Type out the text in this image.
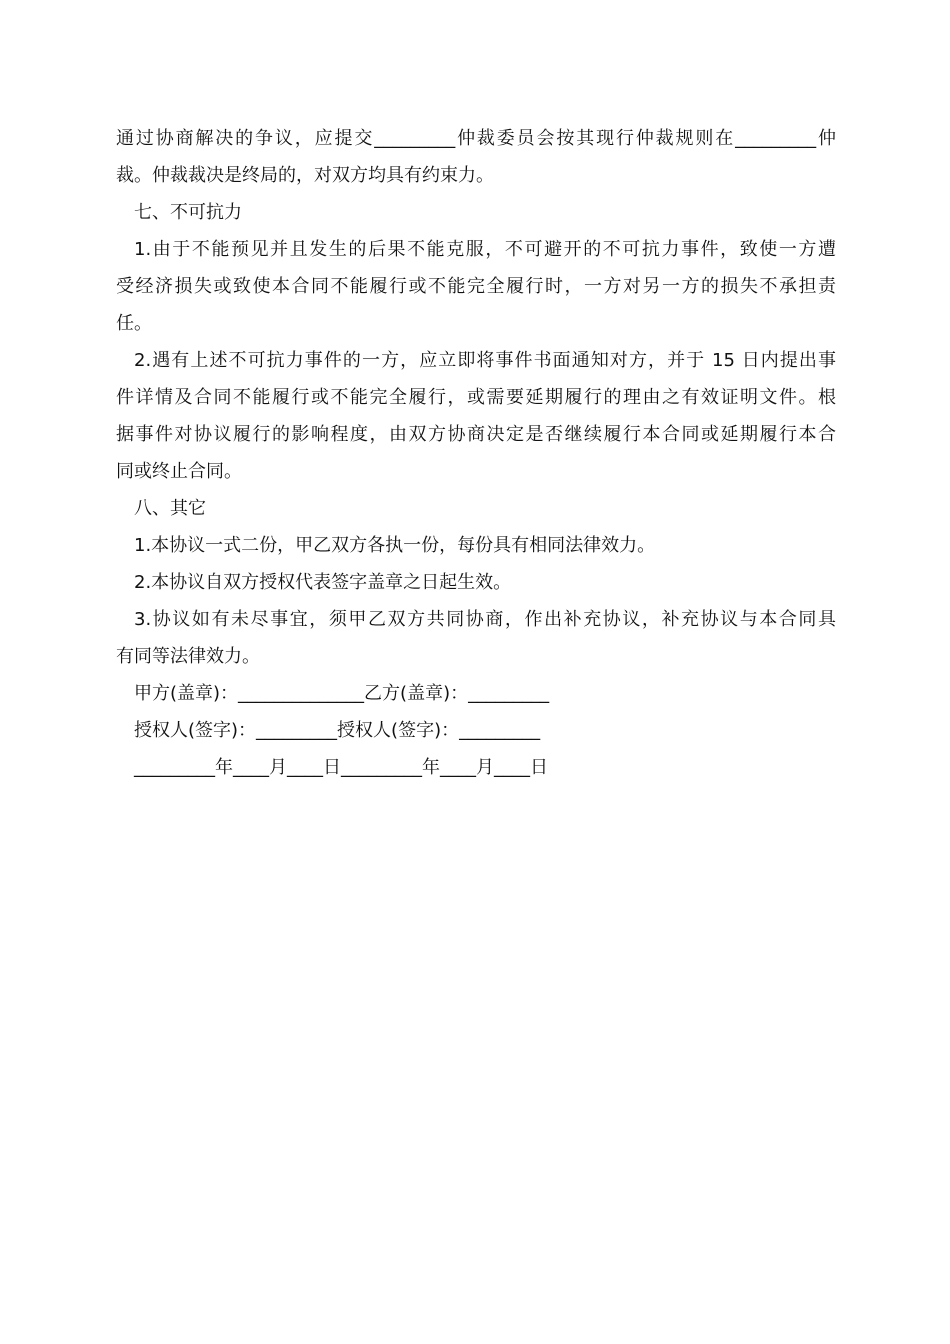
通过协商解决的争议，应提交_________仲裁委员会按其现行仲裁规则在_________仲
裁。仲裁裁决是终局的，对双方均具有约束力。
七、不可抗力
1.由于不能预见并且发生的后果不能克服，不可避开的不可抗力事件，致使一方遭
受经济损失或致使本合同不能履行或不能完全履行时，一方对另一方的损失不承担责
任。
2.遇有上述不可抗力事件的一方，应立即将事件书面通知对方，并于 15 日内提出事
件详情及合同不能履行或不能完全履行，或需要延期履行的理由之有效证明文件。根
据事件对协议履行的影响程度，由双方协商决定是否继续履行本合同或延期履行本合
同或终止合同。
八、其它
1.本协议一式二份，甲乙双方各执一份，每份具有相同法律效力。
2.本协议自双方授权代表签字盖章之日起生效。
3.协议如有未尽事宜，须甲乙双方共同协商，作出补充协议，补充协议与本合同具
有同等法律效力。
甲方(盖章)：______________乙方(盖章)：_________
授权人(签字)：_________授权人(签字)：_________
_________年____月____日_________年____月____日
